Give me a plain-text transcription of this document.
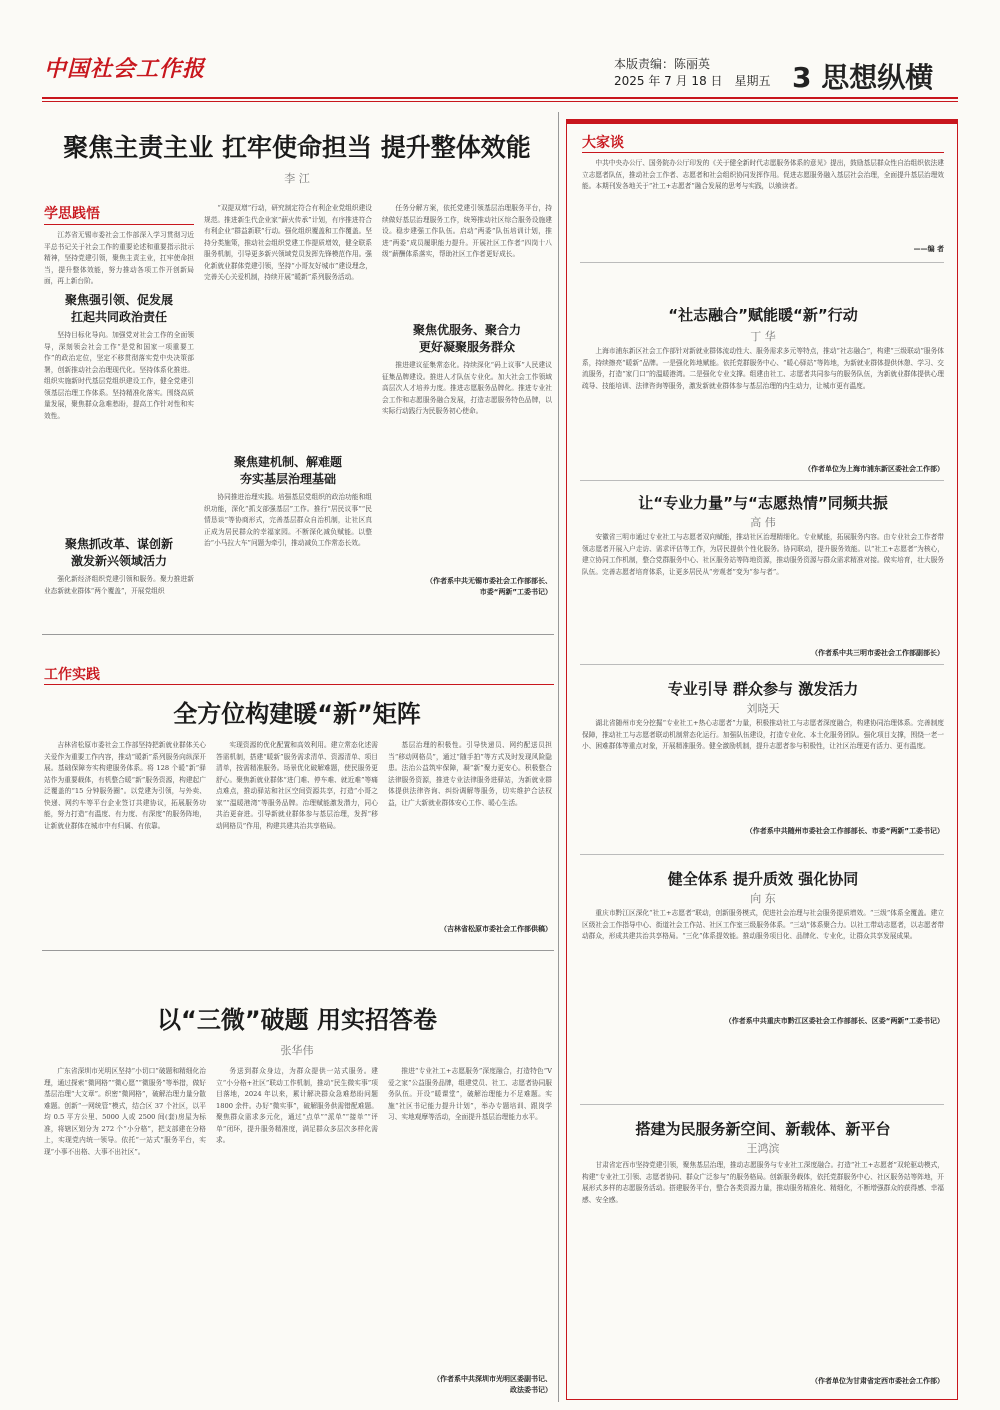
中国社会工作报	本版责编：陈丽英
2025 年 7 月 18 日　星期五 3 思想纵横
聚焦主责主业 扛牢使命担当 提升整体效能
李 江
学思践悟
江苏省无锡市委社会工作部深入学习贯彻习近平总书记关于社会工作的重要论述和重要指示批示精神，坚持党建引领，聚焦主责主业，扛牢使命担当，提升整体效能，努力推动各项工作开创新局面，再上新台阶。
聚焦强引领、促发展
扛起共同政治责任
坚持目标化导向。加强党对社会工作的全面领导，深刻领会社会工作“是党和国家一项重要工作”的政治定位，坚定不移贯彻落实党中央决策部署，创新推动社会治理现代化。坚持体系化推进。组织实施新时代基层党组织建设工作，健全党建引领基层治理工作体系。坚持精准化落实。围绕高质量发展，聚焦群众急难愁盼，提高工作针对性和实效性。
聚焦抓改革、谋创新
激发新兴领域活力
强化新经济组织党建引领和服务。聚力推进新业态新就业群体“两个覆盖”，开展党组织
“双提双增”行动，研究制定符合有利企业党组织建设规范。推进新生代企业家“薪火传承”计划，有序推进符合有利企业“群益新联”行动。强化组织覆盖和工作覆盖。坚持分类施策，推动社会组织党建工作提质增效，健全联系服务机制，引导更多新兴领域党员发挥先锋模范作用。强化新就业群体党建引领，坚持“小哥友好城市”建设理念，完善关心关爱机制，持续开展“暖新”系列服务活动。
聚焦建机制、解难题
夯实基层治理基础
协同推进治理实践。培强基层党组织的政治功能和组织功能，深化“抓支部强基层”工作。推行“居民议事”“民情恳谈”等协商形式，完善基层群众自治机制，让社区真正成为居民群众的幸福家园。不断深化减负赋能。以整治“小马拉大车”问题为牵引，推动减负工作常态长效。
任务分解方案，依托党建引领基层治理服务平台，持续做好基层治理服务工作，统筹推动社区综合服务设施建设。稳步建强工作队伍。启动“两委”队伍培训计划，推进“两委”成员履职能力提升。开展社区工作者“四岗十八级”薪酬体系落实，帮助社区工作者更好成长。
聚焦优服务、聚合力
更好凝聚服务群众
推进建议征集常态化。持续深化“码上议事”人民建议征集品牌建设。推进人才队伍专业化。加大社会工作领域高层次人才培养力度。推进志愿服务品牌化。推进专业社会工作和志愿服务融合发展，打造志愿服务特色品牌，以实际行动践行为民服务初心使命。
（作者系中共无锡市委社会工作部部长、
市委“两新”工委书记）
工作实践
全方位构建暖“新”矩阵
吉林省松原市委社会工作部坚持把新就业群体关心关爱作为重要工作内容，推动“暖新”系列服务向纵深开展。基础保障夯实构建服务体系。将 128 个暖“新”驿站作为重要载体，有机整合暖“新”服务资源，构建起广泛覆盖的“15 分钟服务圈”。以党建为引领，与外卖、快递、网约车等平台企业签订共建协议，拓展服务功能，努力打造“有温度、有力度、有深度”的服务阵地，让新就业群体在城市中有归属、有依靠。
实现资源的优化配置和高效利用。建立常态化述需答需机制，搭建“暖新”服务需求清单、资源清单、项目清单，按需精准服务。场景优化破解难题，使民服务更舒心。聚焦新就业群体“进门难、停车难、就近难”等痛点难点，推动驿站和社区空间资源共享，打造“小哥之家”“温暖港湾”等服务品牌。治理赋能激发潜力，同心共治更奋进。引导新就业群体参与基层治理，发挥“移动网格员”作用，构建共建共治共享格局。
基层治理的积极性。引导快递员、网约配送员担当“移动网格员”，通过“随手拍”等方式及时发现风险隐患。法治公益筑牢保障，凝“新”聚力更安心。积极整合法律服务资源，推进专业法律服务进驿站，为新就业群体提供法律咨询、纠纷调解等服务，切实维护合法权益，让广大新就业群体安心工作、暖心生活。
（吉林省松原市委社会工作部供稿）
以“三微”破题 用实招答卷
张华伟
广东省深圳市光明区坚持“小切口”破题和精细化治理，通过探索“微网格”“微心愿”“微服务”等举措，做好基层治理“大文章”。织密“微网格”，破解治理力量分散难题。创新“一网统管”模式，结合区 37 个社区，以平均 0.5 平方公里、5000 人或 2500 间(套)房屋为标准，将辖区划分为 272 个“小分格”，把支部建在分格上，实现党内统一领导。依托“一站式”服务平台，实现“小事不出格、大事不出社区”。
务送到群众身边，为群众提供一站式服务。建立“小分格+社区”联动工作机制，推动“民生微实事”项目落地，2024 年以来，累计解决群众急难愁盼问题 1800 余件。办好“微实事”，破解服务供需错配难题。聚焦群众需求多元化，通过“点单”“派单”“接单”“评单”闭环，提升服务精准度，满足群众多层次多样化需求。
推进“专业社工+志愿服务”深度融合，打造特色“V爱之家”公益服务品牌，组建党员、社工、志愿者协同服务队伍。开设“暖课堂”，破解治理能力不足难题。实施“社区书记能力提升计划”，举办专题培训、跟岗学习、实地观摩等活动，全面提升基层治理能力水平。
（作者系中共深圳市光明区委副书记、
政法委书记）
大家谈
中共中央办公厅、国务院办公厅印发的《关于健全新时代志愿服务体系的意见》提出，鼓励基层群众性自治组织依法建立志愿者队伍，推动社会工作者、志愿者和社会组织协同发挥作用。促进志愿服务融入基层社会治理，全面提升基层治理效能。本期刊发各地关于“社工+志愿者”融合发展的思考与实践，以飨读者。
——编 者
“社志融合”赋能暖“新”行动
丁 华
上海市浦东新区社会工作部针对新就业群体流动性大、服务需求多元等特点，推动“社志融合”，构建“三级联动”服务体系，持续擦亮“暖新”品牌。一是强化阵地赋能。依托党群服务中心、“暖心驿站”等阵地，为新就业群体提供休憩、学习、交流服务，打造“家门口”的温暖港湾。二是强化专业支撑。组建由社工、志愿者共同参与的服务队伍，为新就业群体提供心理疏导、技能培训、法律咨询等服务，激发新就业群体参与基层治理的内生动力，让城市更有温度。
（作者单位为上海市浦东新区委社会工作部）
让“专业力量”与“志愿热情”同频共振
高 伟
安徽省三明市通过专业社工与志愿者双向赋能，推动社区治理精细化。专业赋能，拓展服务内容。由专业社会工作者带领志愿者开展入户走访、需求评估等工作，为居民提供个性化服务。协同联动，提升服务效能。以“社工+志愿者”为核心，建立协同工作机制，整合党群服务中心、社区服务站等阵地资源，推动服务资源与群众需求精准对接。做实培育，壮大服务队伍。完善志愿者培育体系，让更多居民从“旁观者”变为“参与者”。
（作者系中共三明市委社会工作部副部长）
专业引导 群众参与 激发活力
刘晓天
湖北省随州市充分挖掘“专业社工+热心志愿者”力量，积极推动社工与志愿者深度融合，构建协同治理体系。完善制度保障，推动社工与志愿者联动机制常态化运行。加强队伍建设，打造专业化、本土化服务团队。强化项目支撑，围绕一老一小、困难群体等重点对象，开展精准服务。健全激励机制，提升志愿者参与积极性，让社区治理更有活力、更有温度。
（作者系中共随州市委社会工作部部长、市委“两新”工委书记）
健全体系 提升质效 强化协同
向 东
重庆市黔江区深化“社工+志愿者”联动，创新服务模式，促进社会治理与社会服务提质增效。“三级”体系全覆盖。建立区级社会工作指导中心、街道社会工作站、社区工作室三级服务体系。“三动”体系聚合力。以社工带动志愿者，以志愿者带动群众，形成共建共治共享格局。“三化”体系提效能。推动服务项目化、品牌化、专业化，让群众共享发展成果。
（作者系中共重庆市黔江区委社会工作部部长、区委“两新”工委书记）
搭建为民服务新空间、新载体、新平台
王鸿滨
甘肃省定西市坚持党建引领，聚焦基层治理，推动志愿服务与专业社工深度融合。打造“社工+志愿者”双轮驱动模式，构建“专业社工引领、志愿者协同、群众广泛参与”的服务格局。创新服务载体，依托党群服务中心、社区服务站等阵地，开展形式多样的志愿服务活动。搭建服务平台，整合各类资源力量，推动服务精准化、精细化，不断增强群众的获得感、幸福感、安全感。
（作者单位为甘肃省定西市委社会工作部）
